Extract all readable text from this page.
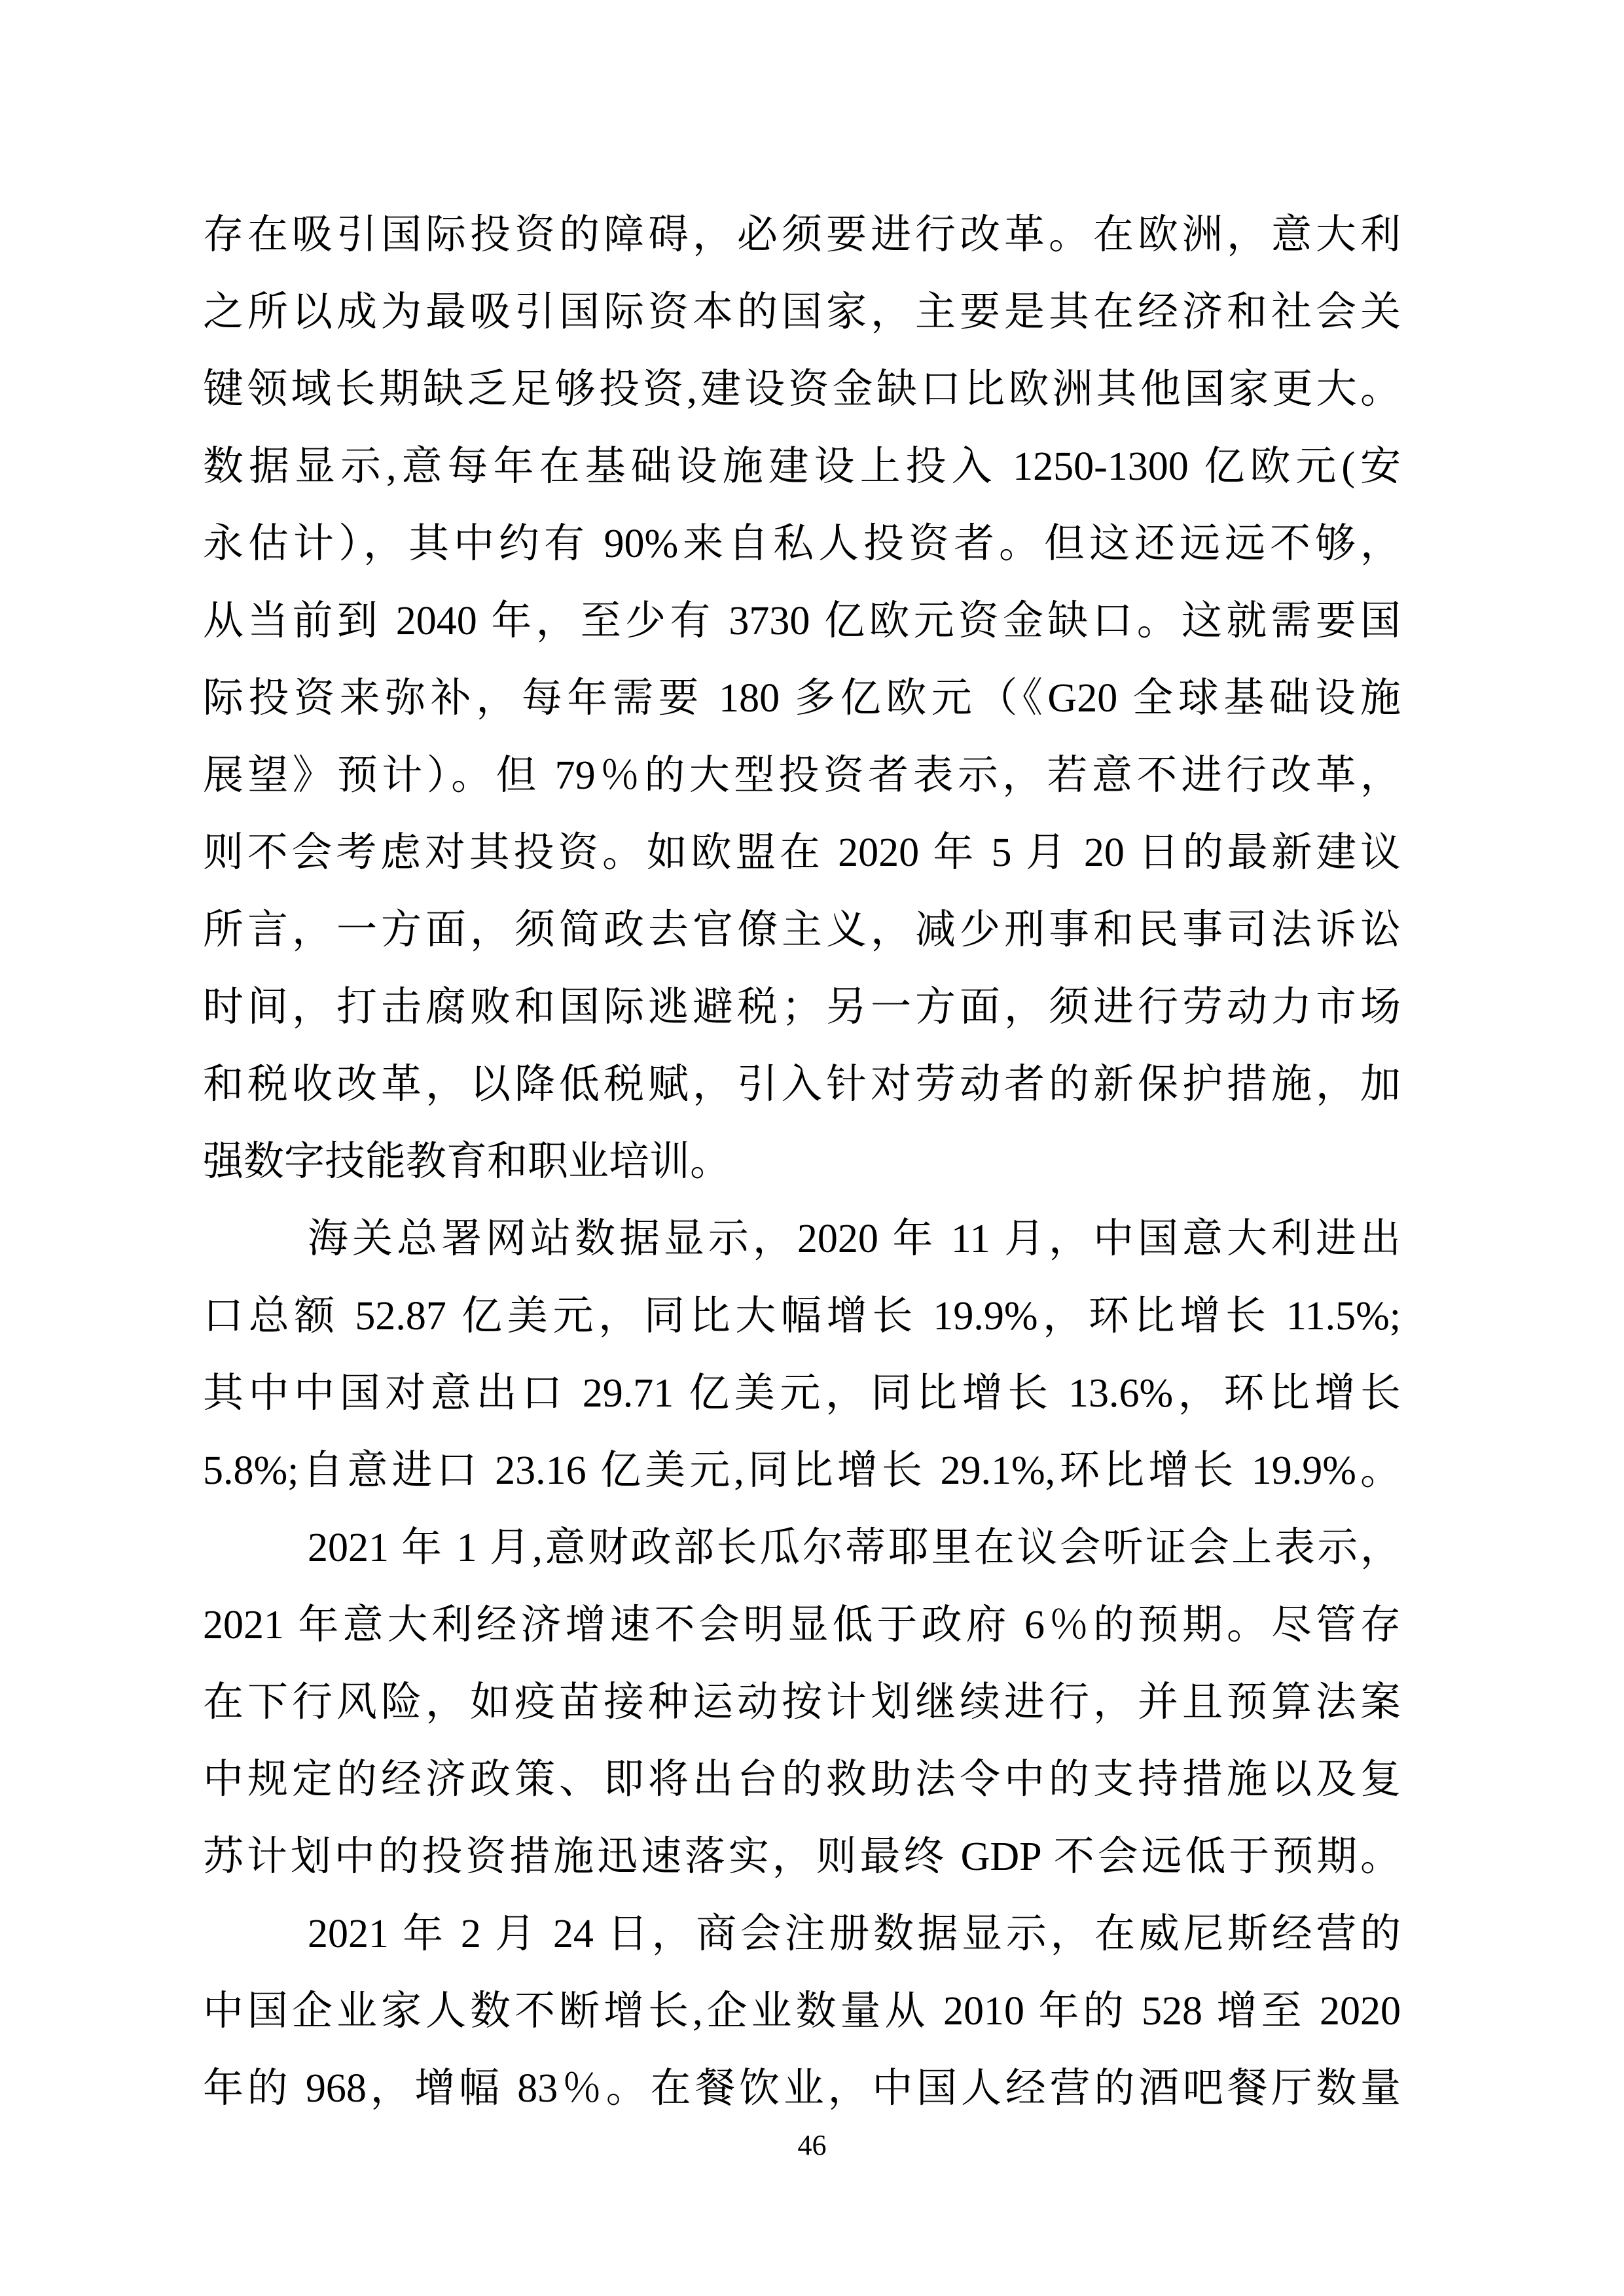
存在吸引国际投资的障碍，必须要进行改革。在欧洲，意大利
之所以成为最吸引国际资本的国家，主要是其在经济和社会关
键领域长期缺乏足够投资,建设资金缺口比欧洲其他国家更大。
数据显示,意每年在基础设施建设上投入 1250-1300 亿欧元(安
永估计），其中约有 90%来自私人投资者。但这还远远不够，
从当前到 2040 年，至少有 3730 亿欧元资金缺口。这就需要国
际投资来弥补，每年需要 180 多亿欧元（《G20 全球基础设施
展望》预计）。但 79％的大型投资者表示，若意不进行改革，
则不会考虑对其投资。如欧盟在 2020 年 5 月 20 日的最新建议
所言，一方面，须简政去官僚主义，减少刑事和民事司法诉讼
时间，打击腐败和国际逃避税；另一方面，须进行劳动力市场
和税收改革，以降低税赋，引入针对劳动者的新保护措施，加
强数字技能教育和职业培训。
海关总署网站数据显示，2020 年 11 月，中国意大利进出
口总额 52.87 亿美元，同比大幅增长 19.9%，环比增长 11.5%;
其中中国对意出口 29.71 亿美元，同比增长 13.6%，环比增长
5.8%;自意进口 23.16 亿美元,同比增长 29.1%,环比增长 19.9%。
2021 年 1 月,意财政部长瓜尔蒂耶里在议会听证会上表示，
2021 年意大利经济增速不会明显低于政府 6％的预期。尽管存
在下行风险，如疫苗接种运动按计划继续进行，并且预算法案
中规定的经济政策、即将出台的救助法令中的支持措施以及复
苏计划中的投资措施迅速落实，则最终 GDP 不会远低于预期。
2021 年 2 月 24 日，商会注册数据显示，在威尼斯经营的
中国企业家人数不断增长,企业数量从 2010 年的 528 增至 2020
年的 968，增幅 83％。在餐饮业，中国人经营的酒吧餐厅数量
46
